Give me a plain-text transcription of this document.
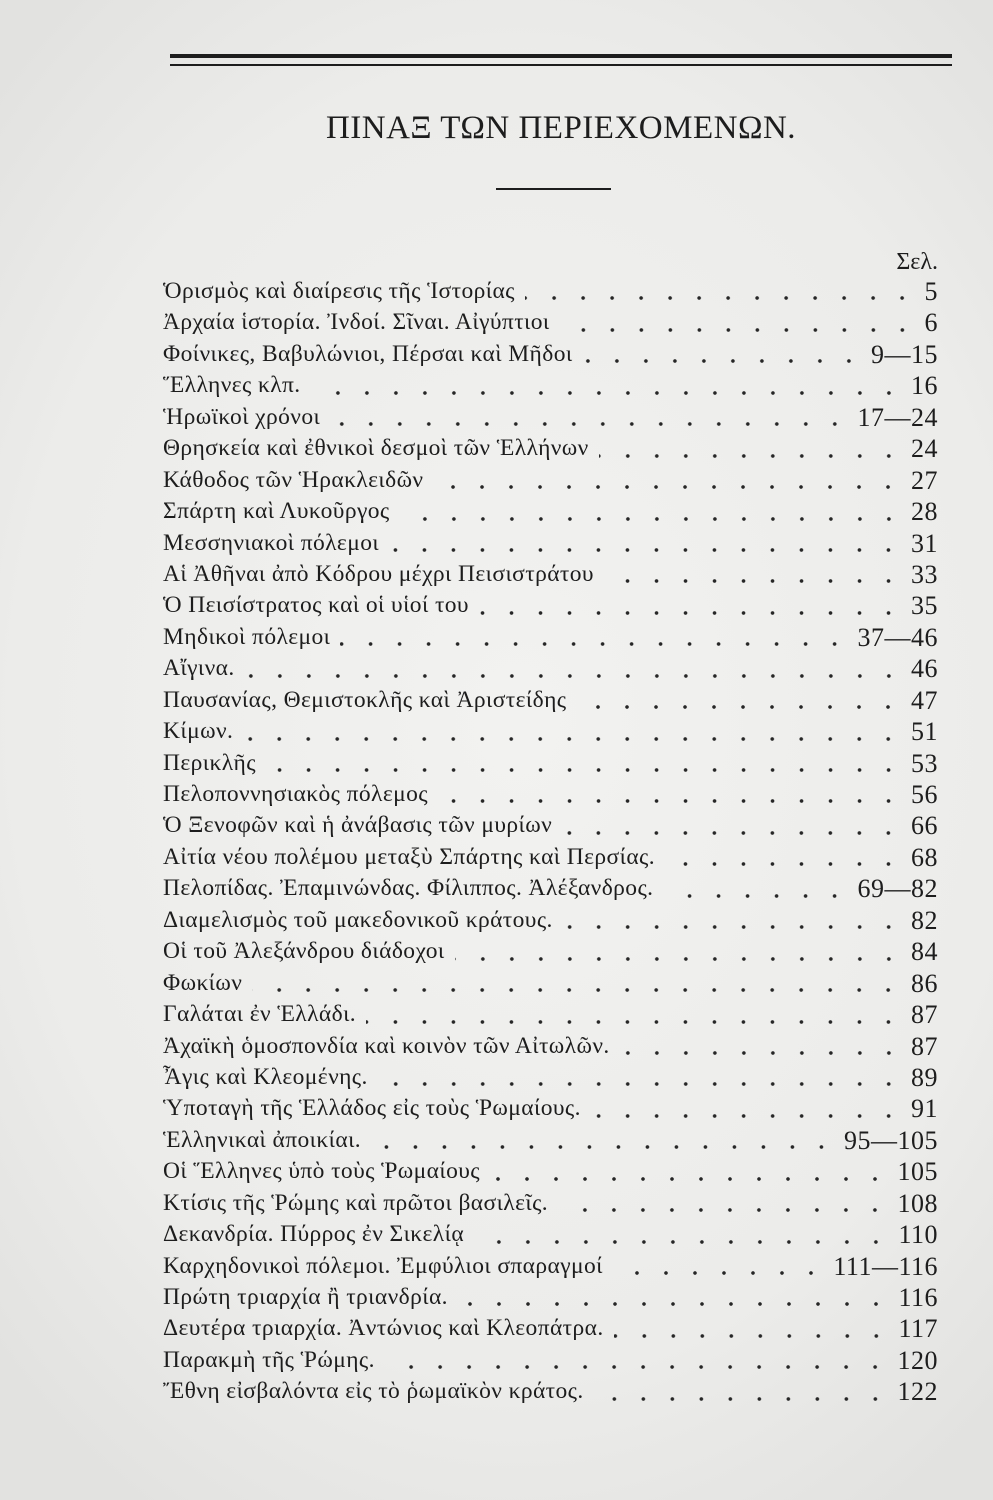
ΠΙΝΑΞ ΤΩΝ ΠΕΡΙΕΧΟΜΕΝΩΝ.
Σελ.
Ὁρισμὸς καὶ διαίρεσις τῆς Ἱστορίας	5
Ἀρχαία ἱστορία. Ἰνδοί. Σῖναι. Αἰγύπτιοι	6
Φοίνικες, Βαβυλώνιοι, Πέρσαι καὶ Μῆδοι	9—15
Ἕλληνες κλπ.	16
Ἡρωϊκοὶ χρόνοι	17—24
Θρησκεία καὶ ἐθνικοὶ δεσμοὶ τῶν Ἑλλήνων	24
Κάθοδος τῶν Ἡρακλειδῶν	27
Σπάρτη καὶ Λυκοῦργος	28
Μεσσηνιακοὶ πόλεμοι	31
Αἱ Ἀθῆναι ἀπὸ Κόδρου μέχρι Πεισιστράτου	33
Ὁ Πεισίστρατος καὶ οἱ υἱοί του	35
Μηδικοὶ πόλεμοι	37—46
Αἴγινα.	46
Παυσανίας, Θεμιστοκλῆς καὶ Ἀριστείδης	47
Κίμων.	51
Περικλῆς	53
Πελοποννησιακὸς πόλεμος	56
Ὁ Ξενοφῶν καὶ ἡ ἀνάβασις τῶν μυρίων	66
Αἰτία νέου πολέμου μεταξὺ Σπάρτης καὶ Περσίας.	68
Πελοπίδας. Ἐπαμινώνδας. Φίλιππος. Ἀλέξανδρος.	69—82
Διαμελισμὸς τοῦ μακεδονικοῦ κράτους.	82
Οἱ τοῦ Ἀλεξάνδρου διάδοχοι	84
Φωκίων	86
Γαλάται ἐν Ἑλλάδι.	87
Ἀχαϊκὴ ὁμοσπονδία καὶ κοινὸν τῶν Αἰτωλῶν.	87
Ἆγις καὶ Κλεομένης.	89
Ὑποταγὴ τῆς Ἑλλάδος εἰς τοὺς Ῥωμαίους.	91
Ἑλληνικαὶ ἀποικίαι.	95—105
Οἱ Ἕλληνες ὑπὸ τοὺς Ῥωμαίους	105
Κτίσις τῆς Ῥώμης καὶ πρῶτοι βασιλεῖς.	108
Δεκανδρία. Πύρρος ἐν Σικελίᾳ	110
Καρχηδονικοὶ πόλεμοι. Ἐμφύλιοι σπαραγμοί	111—116
Πρώτη τριαρχία ἢ τριανδρία.	116
Δευτέρα τριαρχία. Ἀντώνιος καὶ Κλεοπάτρα.	117
Παρακμὴ τῆς Ῥώμης.	120
Ἔθνη εἰσβαλόντα εἰς τὸ ῥωμαϊκὸν κράτος.	122
